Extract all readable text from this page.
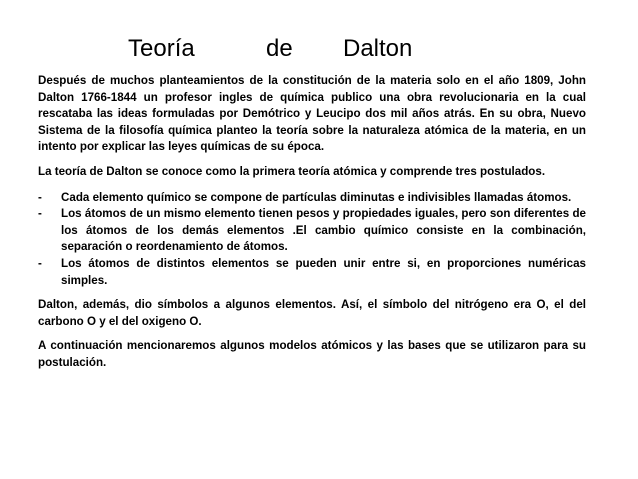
Teoría

	de

Dalton

Después de muchos planteamientos de la constitución de la materia solo en el año 1809, John Dalton 1766-1844 un profesor ingles de química publico una obra revolucionaria en la cual rescataba las ideas formuladas por Demótrico y Leucipo dos mil años atrás. En su obra, Nuevo Sistema de la filosofía química planteo la teoría sobre la naturaleza atómica de la materia, en un intento por explicar las leyes químicas de su época.

La teoría de Dalton se conoce como la primera teoría atómica y comprende tres postulados.

- Cada elemento químico se compone de partículas diminutas e indivisibles llamadas átomos.
- Los átomos de un mismo elemento tienen pesos y propiedades iguales, pero son diferentes de los átomos de los demás elementos .El cambio químico consiste en la combinación, separación o reordenamiento de átomos.
- Los átomos de distintos elementos se pueden unir entre si, en proporciones numéricas simples.

Dalton, además, dio símbolos a algunos elementos. Así, el símbolo del nitrógeno era O, el del carbono O y el del oxigeno O.

A continuación mencionaremos algunos modelos atómicos y las bases que se utilizaron para su postulación.
